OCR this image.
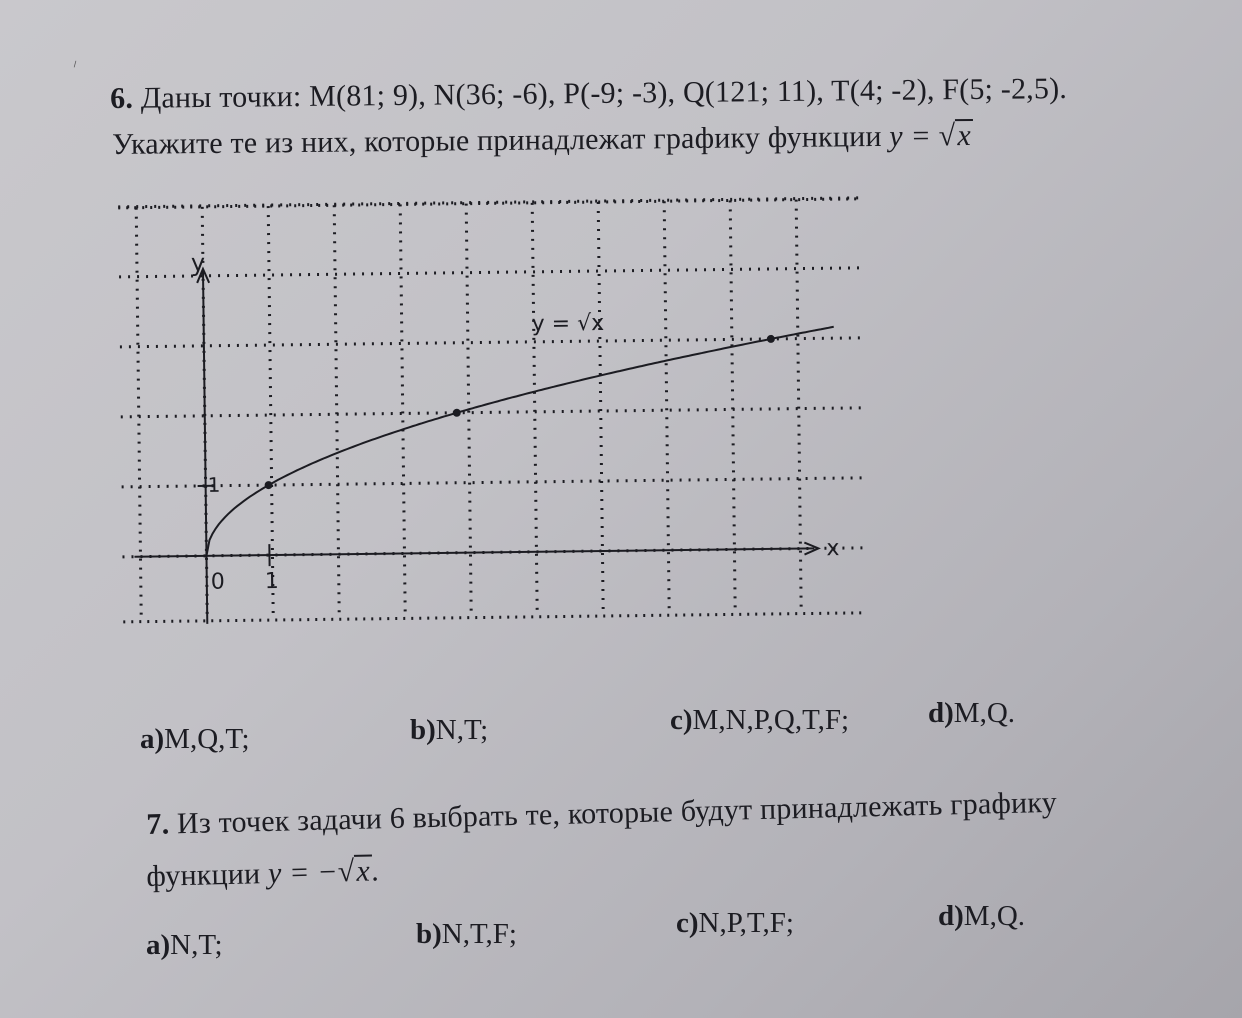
⸝
6. Даны точки: M(81; 9), N(36; -6), P(-9; -3), Q(121; 11), T(4; -2), F(5; -2,5).
Укажите те из них, которые принадлежат графику функции y = √x
y
x
0 1
1
y = √x
a)M,Q,T;	b)N,T;	c)M,N,P,Q,T,F;	d)M,Q.
7. Из точек задачи 6 выбрать те, которые будут принадлежать графику
функции y = −√x.
a)N,T;	b)N,T,F;	c)N,P,T,F;	d)M,Q.
